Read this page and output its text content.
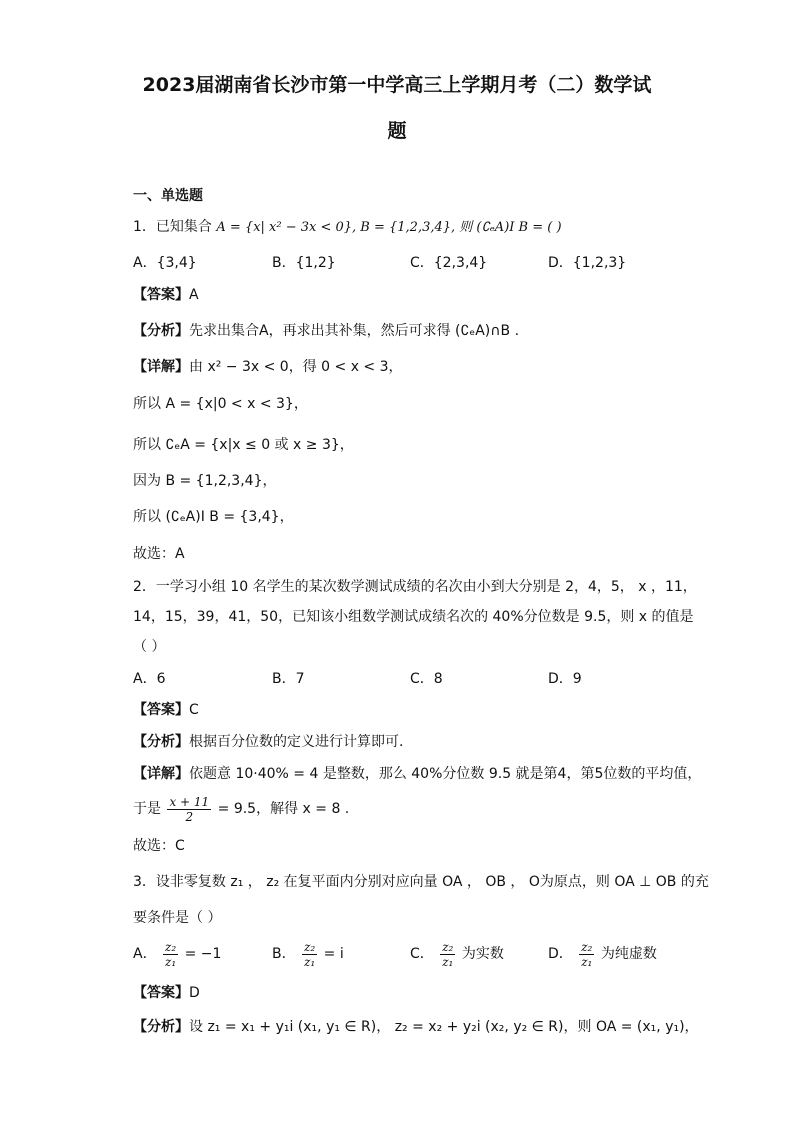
2023届湖南省长沙市第一中学高三上学期月考（二）数学试
题
一、单选题
1．已知集合 A = {x| x² − 3x < 0}, B = {1,2,3,4}, 则 (∁ₑA)I B = ( )
A．{3,4}	B．{1,2}	C．{2,3,4}	D．{1,2,3}
【答案】A
【分析】先求出集合A，再求出其补集，然后可求得 (∁ₑA)∩B .
【详解】由 x² − 3x < 0，得 0 < x < 3，
所以 A = {x|0 < x < 3}，
所以 ∁ₑA = {x|x ≤ 0 或 x ≥ 3}，
因为 B = {1,2,3,4}，
所以 (∁ₑA)I B = {3,4}，
故选：A
2．一学习小组 10 名学生的某次数学测试成绩的名次由小到大分别是 2，4，5， x ，11，
14，15，39，41，50，已知该小组数学测试成绩名次的 40%分位数是 9.5，则 x 的值是
（ ）
A．6	B．7	C．8	D．9
【答案】C
【分析】根据百分位数的定义进行计算即可.
【详解】依题意 10·40% = 4 是整数，那么 40%分位数 9.5 就是第4，第5位数的平均值，
于是 $\frac{x + 11}{2} = 9.5$，解得 x = 8 .
故选：C
3．设非零复数 z₁ ， z₂ 在复平面内分别对应向量 OA ， OB ， O为原点，则 OA ⊥ OB 的充
要条件是（ ）
A． $\frac{\text{z₂}}{\text{z₁}} = -1$	B． $\frac{\text{z₂}}{\text{z₁}} = i$	C． $\frac{\text{z₂}}{\text{z₁}}$ 为实数	D． $\frac{\text{z₂}}{\text{z₁}}$ 为纯虚数
【答案】D
【分析】设 z₁ = x₁ + y₁i (x₁, y₁ ∈ R)， z₂ = x₂ + y₂i (x₂, y₂ ∈ R)，则 OA = (x₁, y₁)，
